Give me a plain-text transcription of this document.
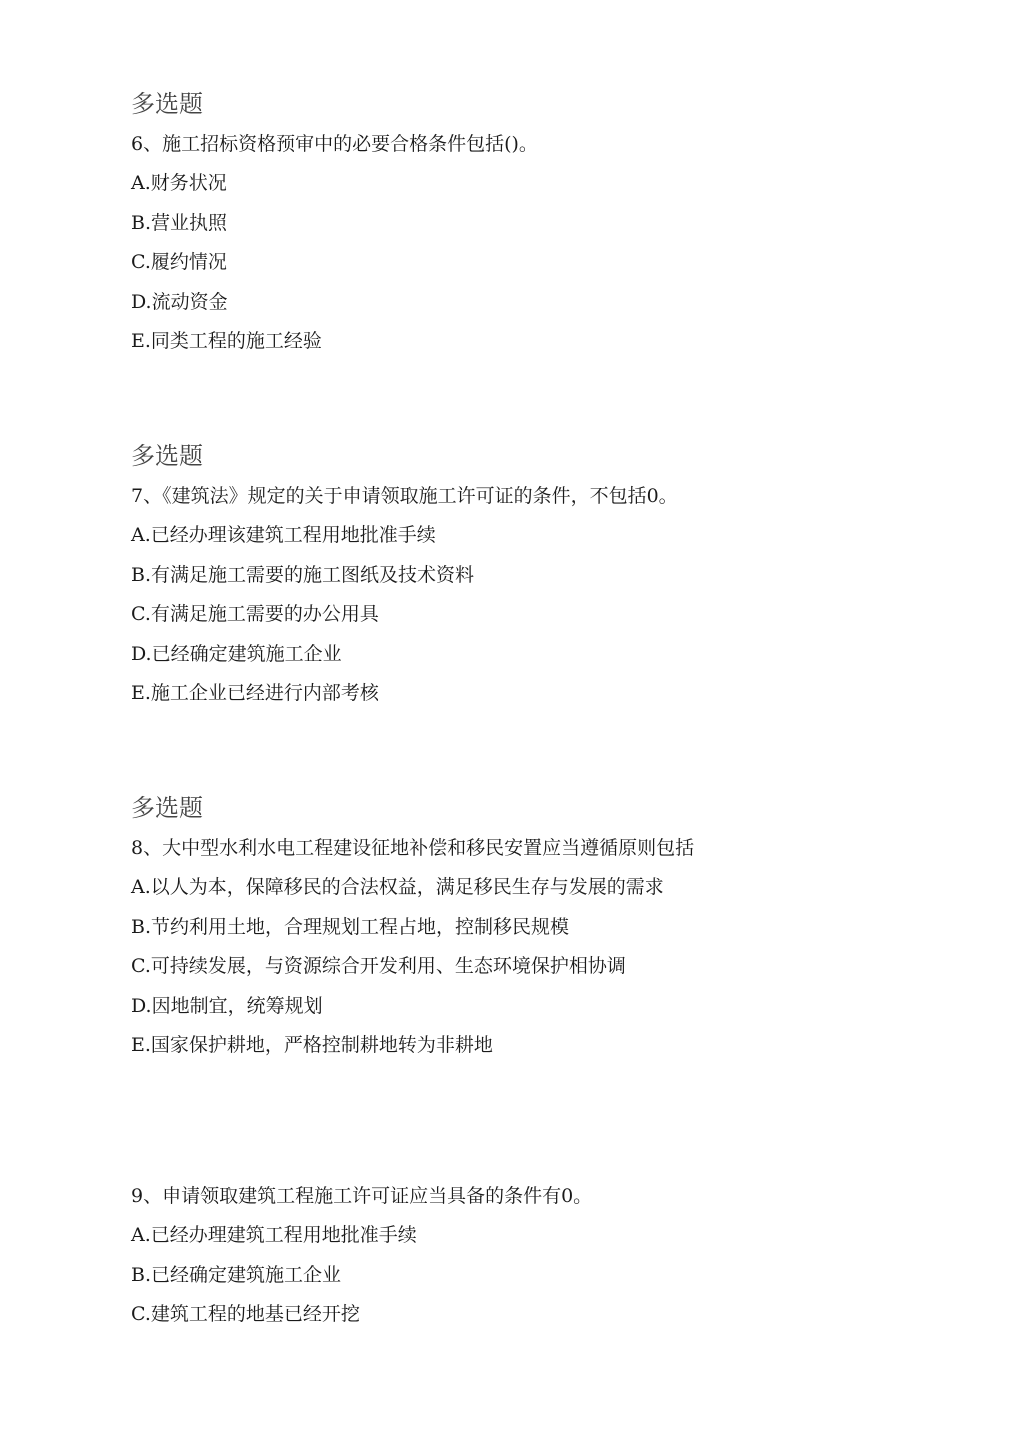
多选题
6、施工招标资格预审中的必要合格条件包括()。
A.财务状况
B.营业执照
C.履约情况
D.流动资金
E.同类工程的施工经验
多选题
7、《建筑法》规定的关于申请领取施工许可证的条件，不包括0。
A.已经办理该建筑工程用地批准手续
B.有满足施工需要的施工图纸及技术资料
C.有满足施工需要的办公用具
D.已经确定建筑施工企业
E.施工企业已经进行内部考核
多选题
8、大中型水利水电工程建设征地补偿和移民安置应当遵循原则包括
A.以人为本，保障移民的合法权益，满足移民生存与发展的需求
B.节约利用土地，合理规划工程占地，控制移民规模
C.可持续发展，与资源综合开发利用、生态环境保护相协调
D.因地制宜，统筹规划
E.国家保护耕地，严格控制耕地转为非耕地
9、申请领取建筑工程施工许可证应当具备的条件有0。
A.已经办理建筑工程用地批准手续
B.已经确定建筑施工企业
C.建筑工程的地基已经开挖
